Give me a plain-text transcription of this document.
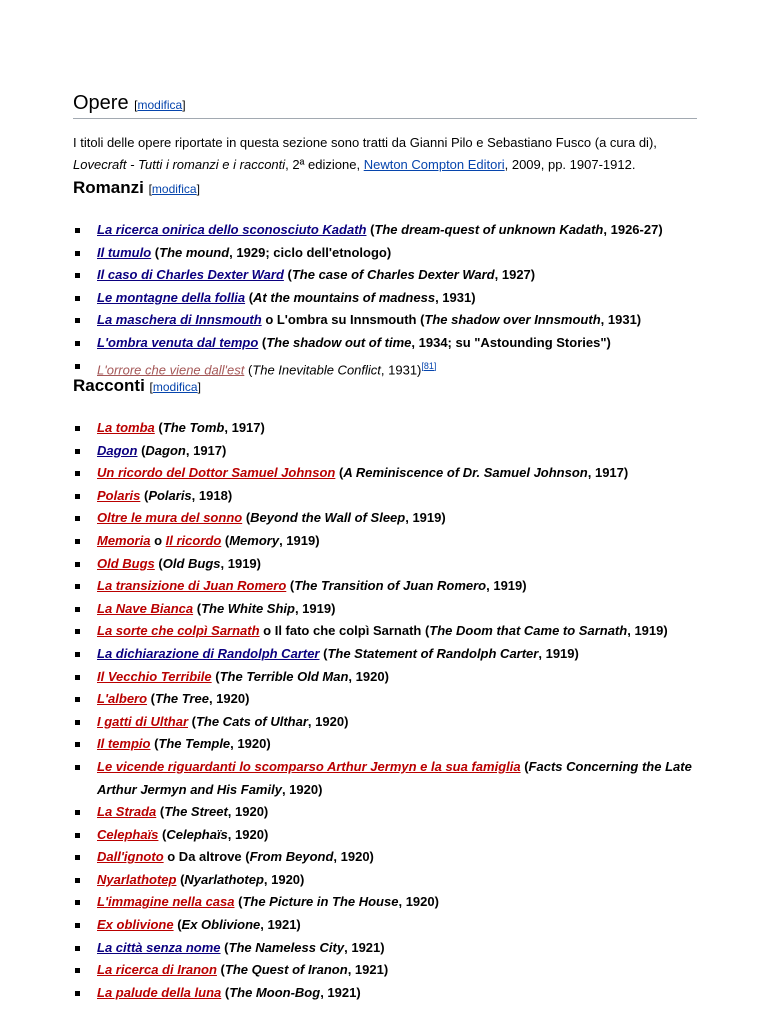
Opere [modifica]

I titoli delle opere riportate in questa sezione sono tratti da Gianni Pilo e Sebastiano Fusco (a cura di), Lovecraft - Tutti i romanzi e i racconti, 2ª edizione, Newton Compton Editori, 2009, pp. 1907-1912.

Romanzi [modifica]
La ricerca onirica dello sconosciuto Kadath (The dream-quest of unknown Kadath, 1926-27)
Il tumulo (The mound, 1929; ciclo dell'etnologo)
Il caso di Charles Dexter Ward (The case of Charles Dexter Ward, 1927)
Le montagne della follia (At the mountains of madness, 1931)
La maschera di Innsmouth o L'ombra su Innsmouth (The shadow over Innsmouth, 1931)
L'ombra venuta dal tempo (The shadow out of time, 1934; su "Astounding Stories")
L'orrore che viene dall'est (The Inevitable Conflict, 1931)[81]
Racconti [modifica]
La tomba (The Tomb, 1917)
Dagon (Dagon, 1917)
Un ricordo del Dottor Samuel Johnson (A Reminiscence of Dr. Samuel Johnson, 1917)
Polaris (Polaris, 1918)
Oltre le mura del sonno (Beyond the Wall of Sleep, 1919)
Memoria o Il ricordo (Memory, 1919)
Old Bugs (Old Bugs, 1919)
La transizione di Juan Romero (The Transition of Juan Romero, 1919)
La Nave Bianca (The White Ship, 1919)
La sorte che colpì Sarnath o Il fato che colpì Sarnath (The Doom that Came to Sarnath, 1919)
La dichiarazione di Randolph Carter (The Statement of Randolph Carter, 1919)
Il Vecchio Terribile (The Terrible Old Man, 1920)
L'albero (The Tree, 1920)
I gatti di Ulthar (The Cats of Ulthar, 1920)
Il tempio (The Temple, 1920)
Le vicende riguardanti lo scomparso Arthur Jermyn e la sua famiglia (Facts Concerning the Late Arthur Jermyn and His Family, 1920)
La Strada (The Street, 1920)
Celephaïs (Celephaïs, 1920)
Dall'ignoto o Da altrove (From Beyond, 1920)
Nyarlathotep (Nyarlathotep, 1920)
L'immagine nella casa (The Picture in The House, 1920)
Ex oblivione (Ex Oblivione, 1921)
La città senza nome (The Nameless City, 1921)
La ricerca di Iranon (The Quest of Iranon, 1921)
La palude della luna (The Moon-Bog, 1921)
